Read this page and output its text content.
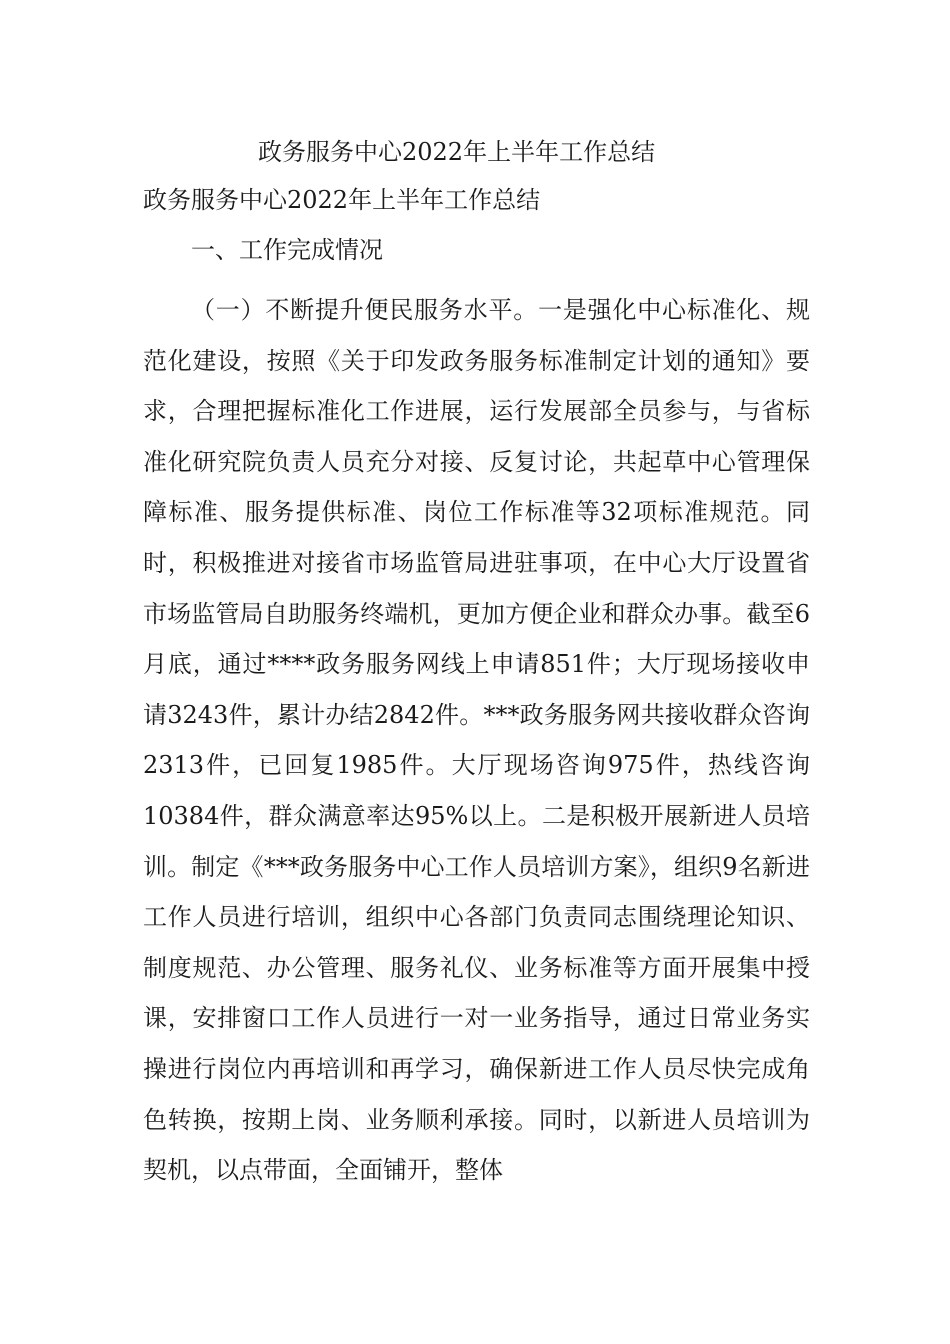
政务服务中心2022年上半年工作总结
政务服务中心2022年上半年工作总结
一、工作完成情况

（一）不断提升便民服务水平。一是强化中心标准化、规范化建设，按照《关于印发政务服务标准制定计划的通知》要求，合理把握标准化工作进展，运行发展部全员参与，与省标准化研究院负责人员充分对接、反复讨论，共起草中心管理保障标准、服务提供标准、岗位工作标准等32项标准规范。同时，积极推进对接省市场监管局进驻事项，在中心大厅设置省市场监管局自助服务终端机，更加方便企业和群众办事。截至6月底，通过****政务服务网线上申请851件；大厅现场接收申请3243件，累计办结2842件。***政务服务网共接收群众咨询2313件，已回复1985件。大厅现场咨询975件，热线咨询10384件，群众满意率达95%以上。二是积极开展新进人员培训。制定《***政务服务中心工作人员培训方案》，组织9名新进工作人员进行培训，组织中心各部门负责同志围绕理论知识、制度规范、办公管理、服务礼仪、业务标准等方面开展集中授课，安排窗口工作人员进行一对一业务指导，通过日常业务实操进行岗位内再培训和再学习，确保新进工作人员尽快完成角色转换，按期上岗、业务顺利承接。同时，以新进人员培训为契机，以点带面，全面铺开，整体
